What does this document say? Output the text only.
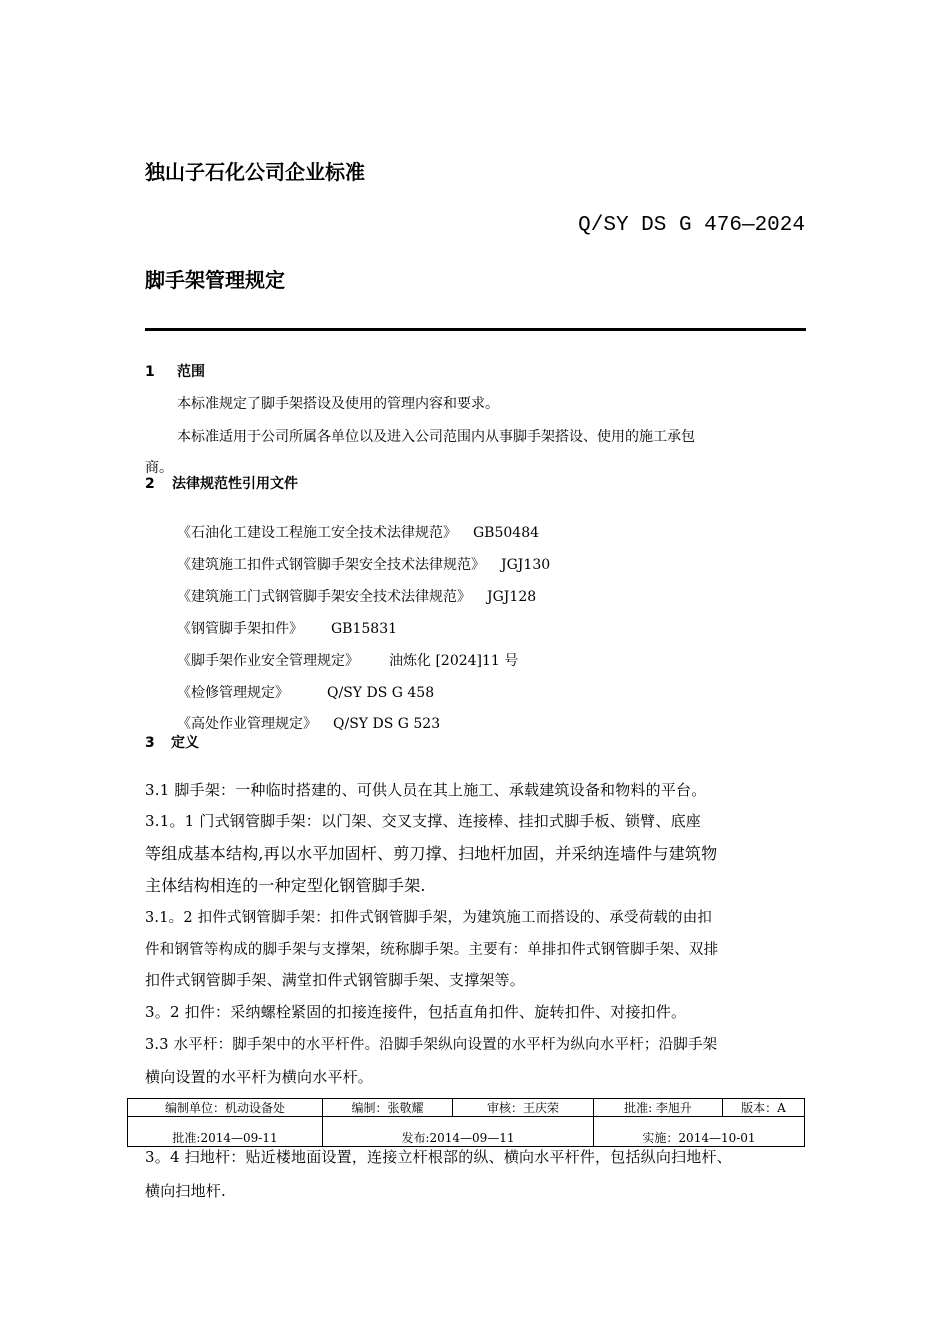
独山子石化公司企业标准
Q/SY DS G 476—2024
脚手架管理规定
1 范围
本标准规定了脚手架搭设及使用的管理内容和要求。
本标准适用于公司所属各单位以及进入公司范围内从事脚手架搭设、使用的施工承包
商。
2 法律规范性引用文件
《石油化工建设工程施工安全技术法律规范》 GB50484
《建筑施工扣件式钢管脚手架安全技术法律规范》 JGJ130
《建筑施工门式钢管脚手架安全技术法律规范》 JGJ128
《钢管脚手架扣件》 GB15831
《脚手架作业安全管理规定》 油炼化 [2024]11 号
《检修管理规定》	Q/SY DS G 458
《高处作业管理规定》 Q/SY DS G 523
3 定义
3.1 脚手架：一种临时搭建的、可供人员在其上施工、承载建筑设备和物料的平台。
3.1。1 门式钢管脚手架：以门架、交叉支撑、连接棒、挂扣式脚手板、锁臂、底座
等组成基本结构,再以水平加固杆、剪刀撑、扫地杆加固，并采纳连墙件与建筑物
主体结构相连的一种定型化钢管脚手架.
3.1。2 扣件式钢管脚手架：扣件式钢管脚手架，为建筑施工而搭设的、承受荷载的由扣
件和钢管等构成的脚手架与支撑架，统称脚手架。主要有：单排扣件式钢管脚手架、双排
扣件式钢管脚手架、满堂扣件式钢管脚手架、支撑架等。
3。2 扣件：采纳螺栓紧固的扣接连接件，包括直角扣件、旋转扣件、对接扣件。
3.3 水平杆：脚手架中的水平杆件。沿脚手架纵向设置的水平杆为纵向水平杆；沿脚手架
横向设置的水平杆为横向水平杆。
编制单位：机动设备处	编制：张敬耀	审核：王庆荣	批准: 李旭升	版本：A
批准:2014—09-11	发布:2014—09—11		实施：2014—10-01	
3。4 扫地杆：贴近楼地面设置，连接立杆根部的纵、横向水平杆件，包括纵向扫地杆、
横向扫地杆.
